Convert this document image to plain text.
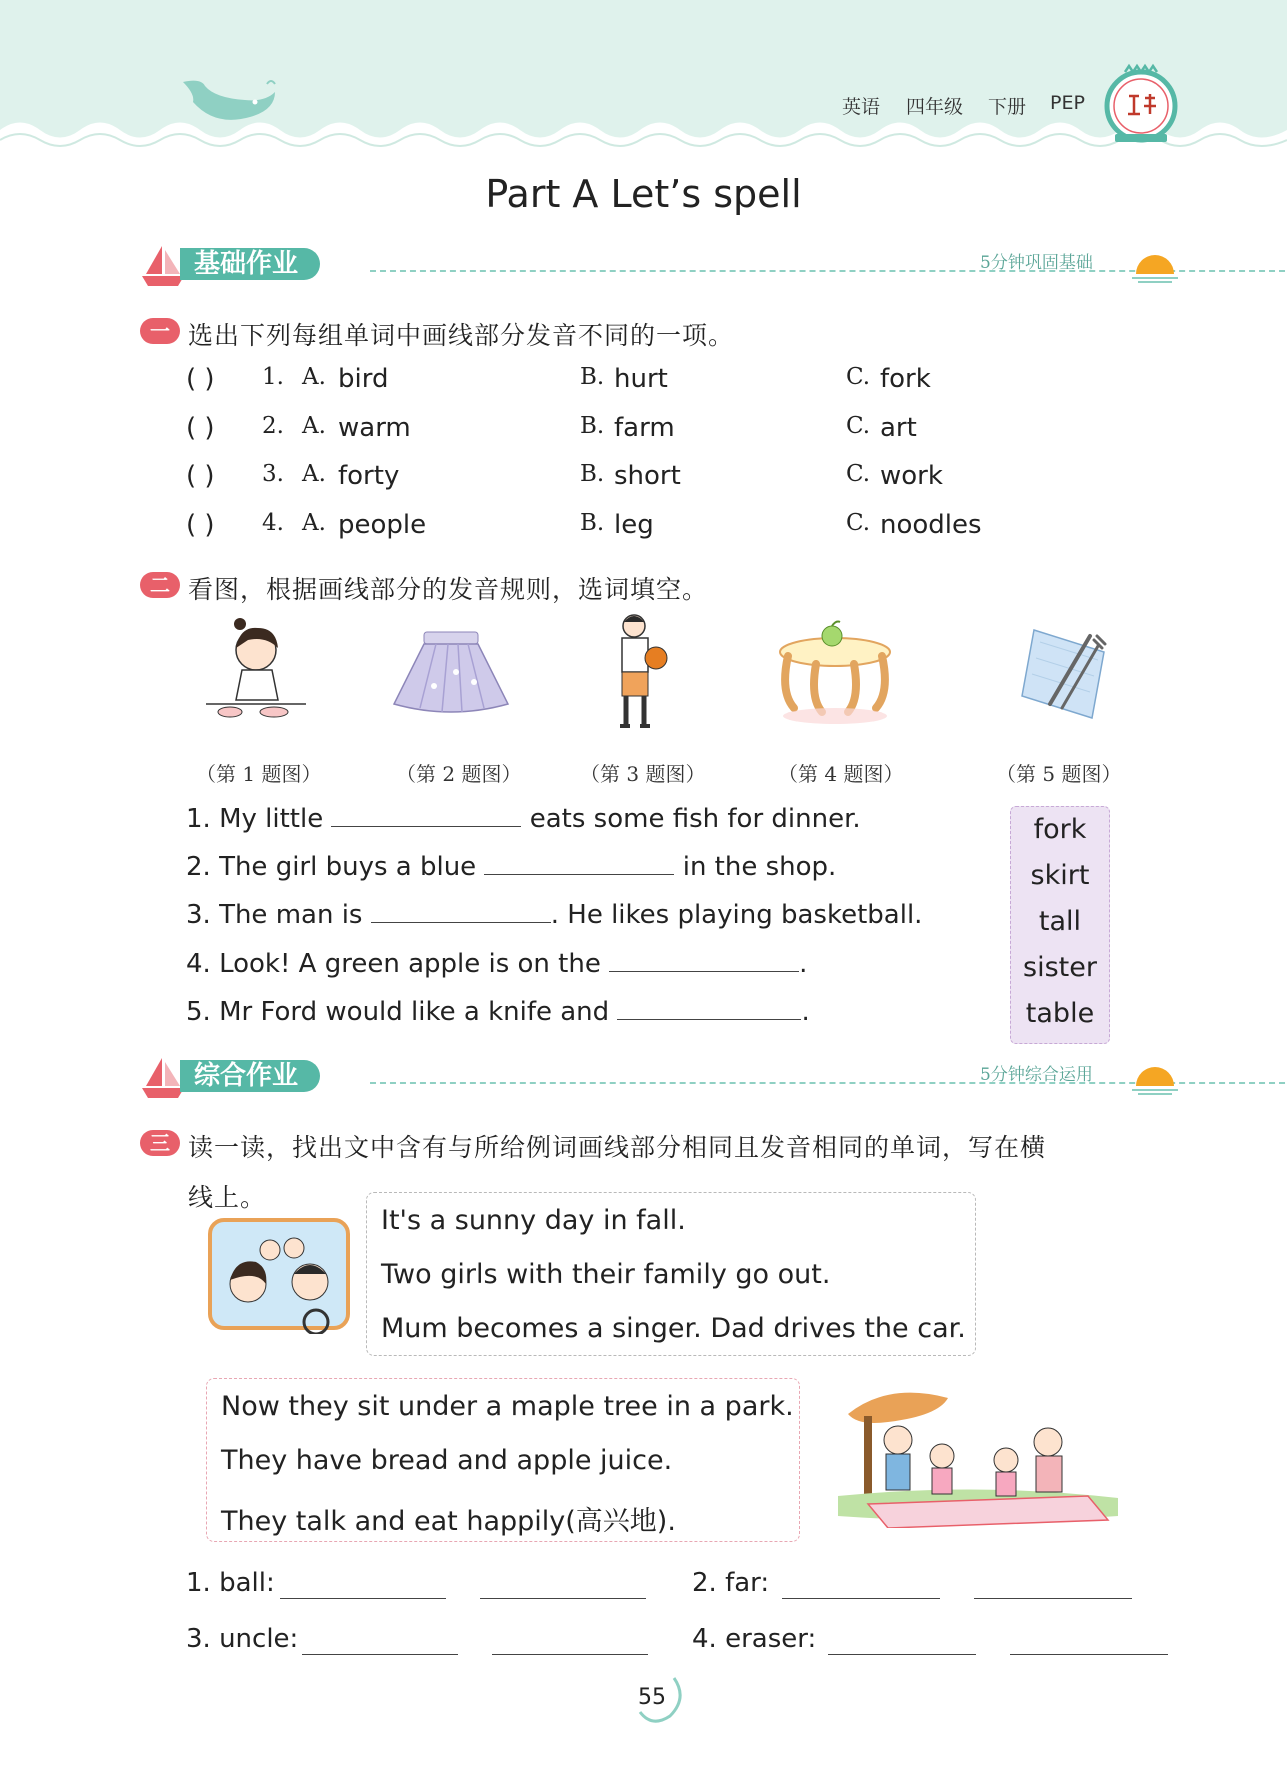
英语 四年级 下册 PEP
Part A Let’s spell
基础作业	5分钟巩固基础
一 选出下列每组单词中画线部分发音不同的一项。
( ) 1. A. bird	B. hurt	C. fork
( ) 2. A. warm	B. farm	C. art
( ) 3. A. forty	B. short	C. work
( ) 4. A. people	B. leg	C. noodles
二 看图，根据画线部分的发音规则，选词填空。
（第 1 题图）	（第 2 题图）	（第 3 题图）	（第 4 题图）	（第 5 题图）
1. My little	eats some fish for dinner.
2. The girl buys a blue	in the shop.
3. The man is	. He likes playing basketball.
4. Look! A green apple is on the	.
5. Mr Ford would like a knife and	.
fork
skirt
tall
sister
table
综合作业	5分钟综合运用
三 读一读，找出文中含有与所给例词画线部分相同且发音相同的单词，写在横
线上。
It's a sunny day in fall.
Two girls with their family go out.
Mum becomes a singer. Dad drives the car.
Now they sit under a maple tree in a park.
They have bread and apple juice.
They talk and eat happily(高兴地).
1. ball:	2. far:
3. uncle:	4. eraser:
55
